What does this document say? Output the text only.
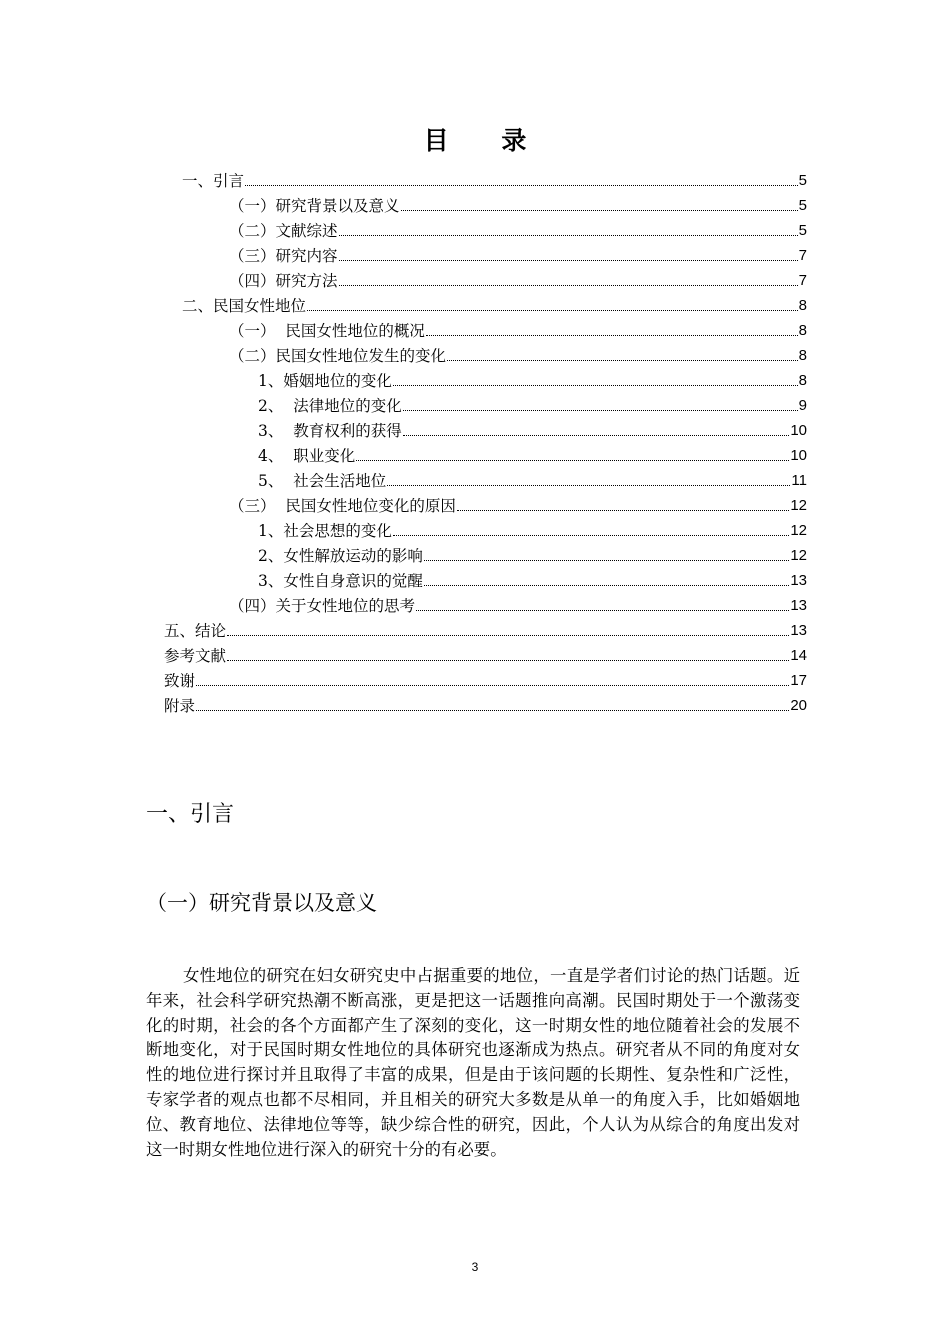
目 录
一、引言	5
（一）研究背景以及意义	5
（二）文献综述	5
（三）研究内容	7
（四）研究方法	7
二、民国女性地位	8
（一）  民国女性地位的概况	8
（二）民国女性地位发生的变化	8
1、婚姻地位的变化	8
2、  法律地位的变化	9
3、  教育权利的获得	10
4、  职业变化	10
5、  社会生活地位	11
（三）  民国女性地位变化的原因	12
1、社会思想的变化	12
2、女性解放运动的影响	12
3、女性自身意识的觉醒	13
（四）关于女性地位的思考	13
五、结论	13
参考文献	14
致谢	17
附录	20
一、引言
（一）研究背景以及意义

女性地位的研究在妇女研究史中占据重要的地位，一直是学者们讨论的热门话题。近年来，社会科学研究热潮不断高涨，更是把这一话题推向高潮。民国时期处于一个激荡变化的时期，社会的各个方面都产生了深刻的变化，这一时期女性的地位随着社会的发展不断地变化，对于民国时期女性地位的具体研究也逐渐成为热点。研究者从不同的角度对女性的地位进行探讨并且取得了丰富的成果，但是由于该问题的长期性、复杂性和广泛性，专家学者的观点也都不尽相同，并且相关的研究大多数是从单一的角度入手，比如婚姻地位、教育地位、法律地位等等，缺少综合性的研究，因此，个人认为从综合的角度出发对这一时期女性地位进行深入的研究十分的有必要。

3
